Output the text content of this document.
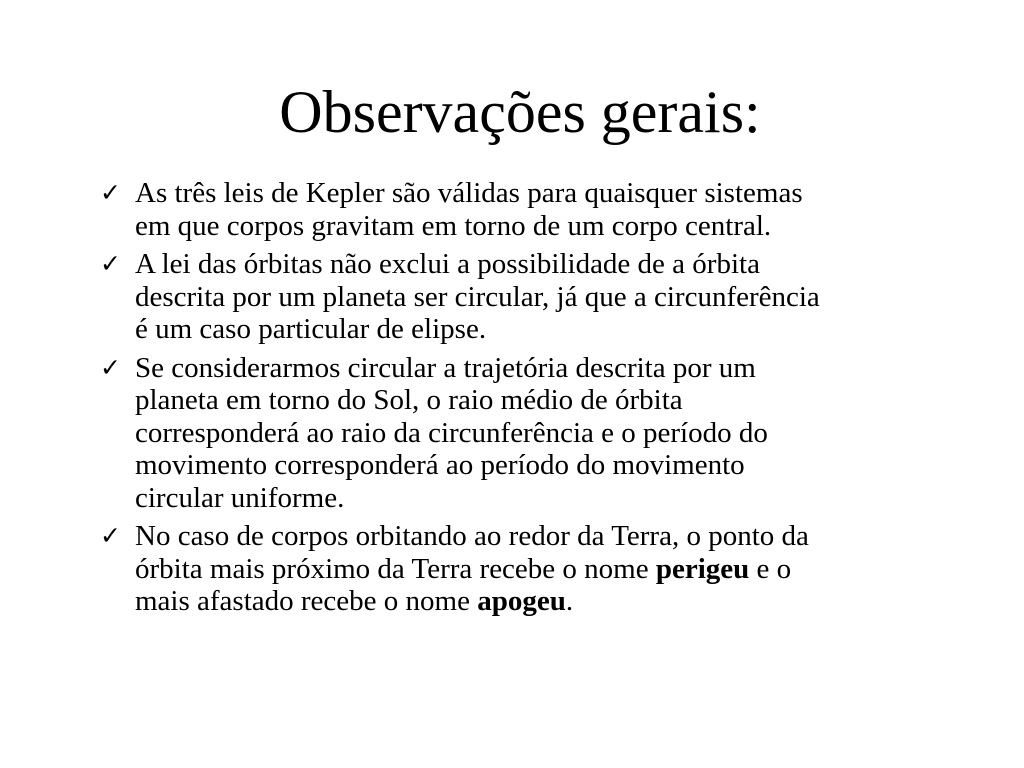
Observações gerais:
✓ As três leis de Kepler são válidas para quaisquer sistemas
em que corpos gravitam em torno de um corpo central.
✓ A lei das órbitas não exclui a possibilidade de a órbita
descrita por um planeta ser circular, já que a circunferência
é um caso particular de elipse.
✓ Se considerarmos circular a trajetória descrita por um
planeta em torno do Sol, o raio médio de órbita
corresponderá ao raio da circunferência e o período do
movimento corresponderá ao período do movimento
circular uniforme.
✓ No caso de corpos orbitando ao redor da Terra, o ponto da
órbita mais próximo da Terra recebe o nome perigeu e o
mais afastado recebe o nome apogeu.
